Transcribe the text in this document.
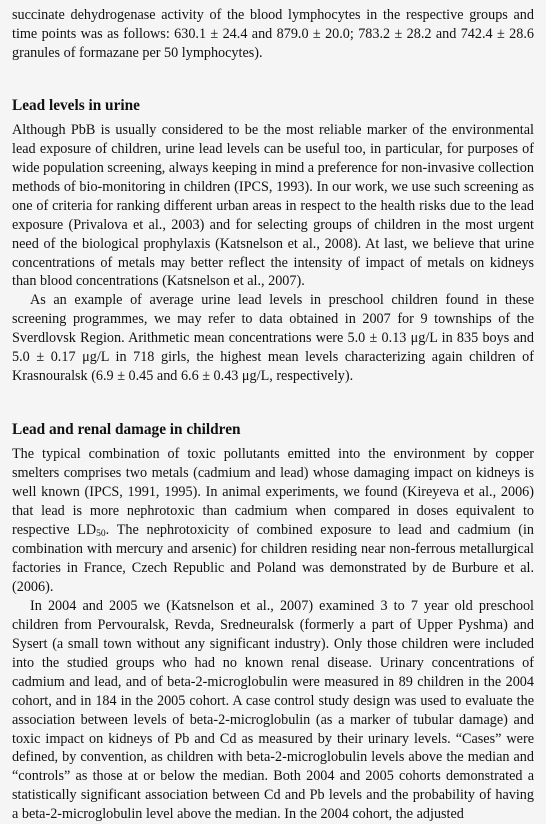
succinate dehydrogenase activity of the blood lymphocytes in the respective groups and time points was as follows: 630.1 ± 24.4 and 879.0 ± 20.0; 783.2 ± 28.2 and 742.4 ± 28.6 granules of formazane per 50 lymphocytes).

Lead levels in urine

Although PbB is usually considered to be the most reliable marker of the environmental lead exposure of children, urine lead levels can be useful too, in particular, for purposes of wide population screening, always keeping in mind a preference for non-invasive collection methods of bio-monitoring in children (IPCS, 1993). In our work, we use such screening as one of criteria for ranking different urban areas in respect to the health risks due to the lead exposure (Privalova et al., 2003) and for selecting groups of children in the most urgent need of the biological prophylaxis (Katsnelson et al., 2008). At last, we believe that urine concentrations of metals may better reflect the intensity of impact of metals on kidneys than blood concentrations (Katsnelson et al., 2007).

As an example of average urine lead levels in preschool children found in these screening programmes, we may refer to data obtained in 2007 for 9 townships of the Sverdlovsk Region. Arithmetic mean concentrations were 5.0 ± 0.13 μg/L in 835 boys and 5.0 ± 0.17 μg/L in 718 girls, the highest mean levels characterizing again children of Krasnouralsk (6.9 ± 0.45 and 6.6 ± 0.43 μg/L, respectively).

Lead and renal damage in children

The typical combination of toxic pollutants emitted into the environment by copper smelters comprises two metals (cadmium and lead) whose damaging impact on kidneys is well known (IPCS, 1991, 1995). In animal experiments, we found (Kireyeva et al., 2006) that lead is more nephrotoxic than cadmium when compared in doses equivalent to respective $LD_{50}$. The nephrotoxicity of combined exposure to lead and cadmium (in combination with mercury and arsenic) for children residing near non-ferrous metallurgical factories in France, Czech Republic and Poland was demonstrated by de Burbure et al. (2006).

In 2004 and 2005 we (Katsnelson et al., 2007) examined 3 to 7 year old preschool children from Pervouralsk, Revda, Sredneuralsk (formerly a part of Upper Pyshma) and Sysert (a small town without any significant industry). Only those children were included into the studied groups who had no known renal disease. Urinary concentrations of cadmium and lead, and of beta-2-microglobulin were measured in 89 children in the 2004 cohort, and in 184 in the 2005 cohort. A case control study design was used to evaluate the association between levels of beta-2-microglobulin (as a marker of tubular damage) and toxic impact on kidneys of Pb and Cd as measured by their urinary levels. “Cases” were defined, by convention, as children with beta-2-microglobulin levels above the median and “controls” as those at or below the median. Both 2004 and 2005 cohorts demonstrated a statistically significant association between Cd and Pb levels and the probability of having a beta-2-microglobulin level above the median. In the 2004 cohort, the adjusted
